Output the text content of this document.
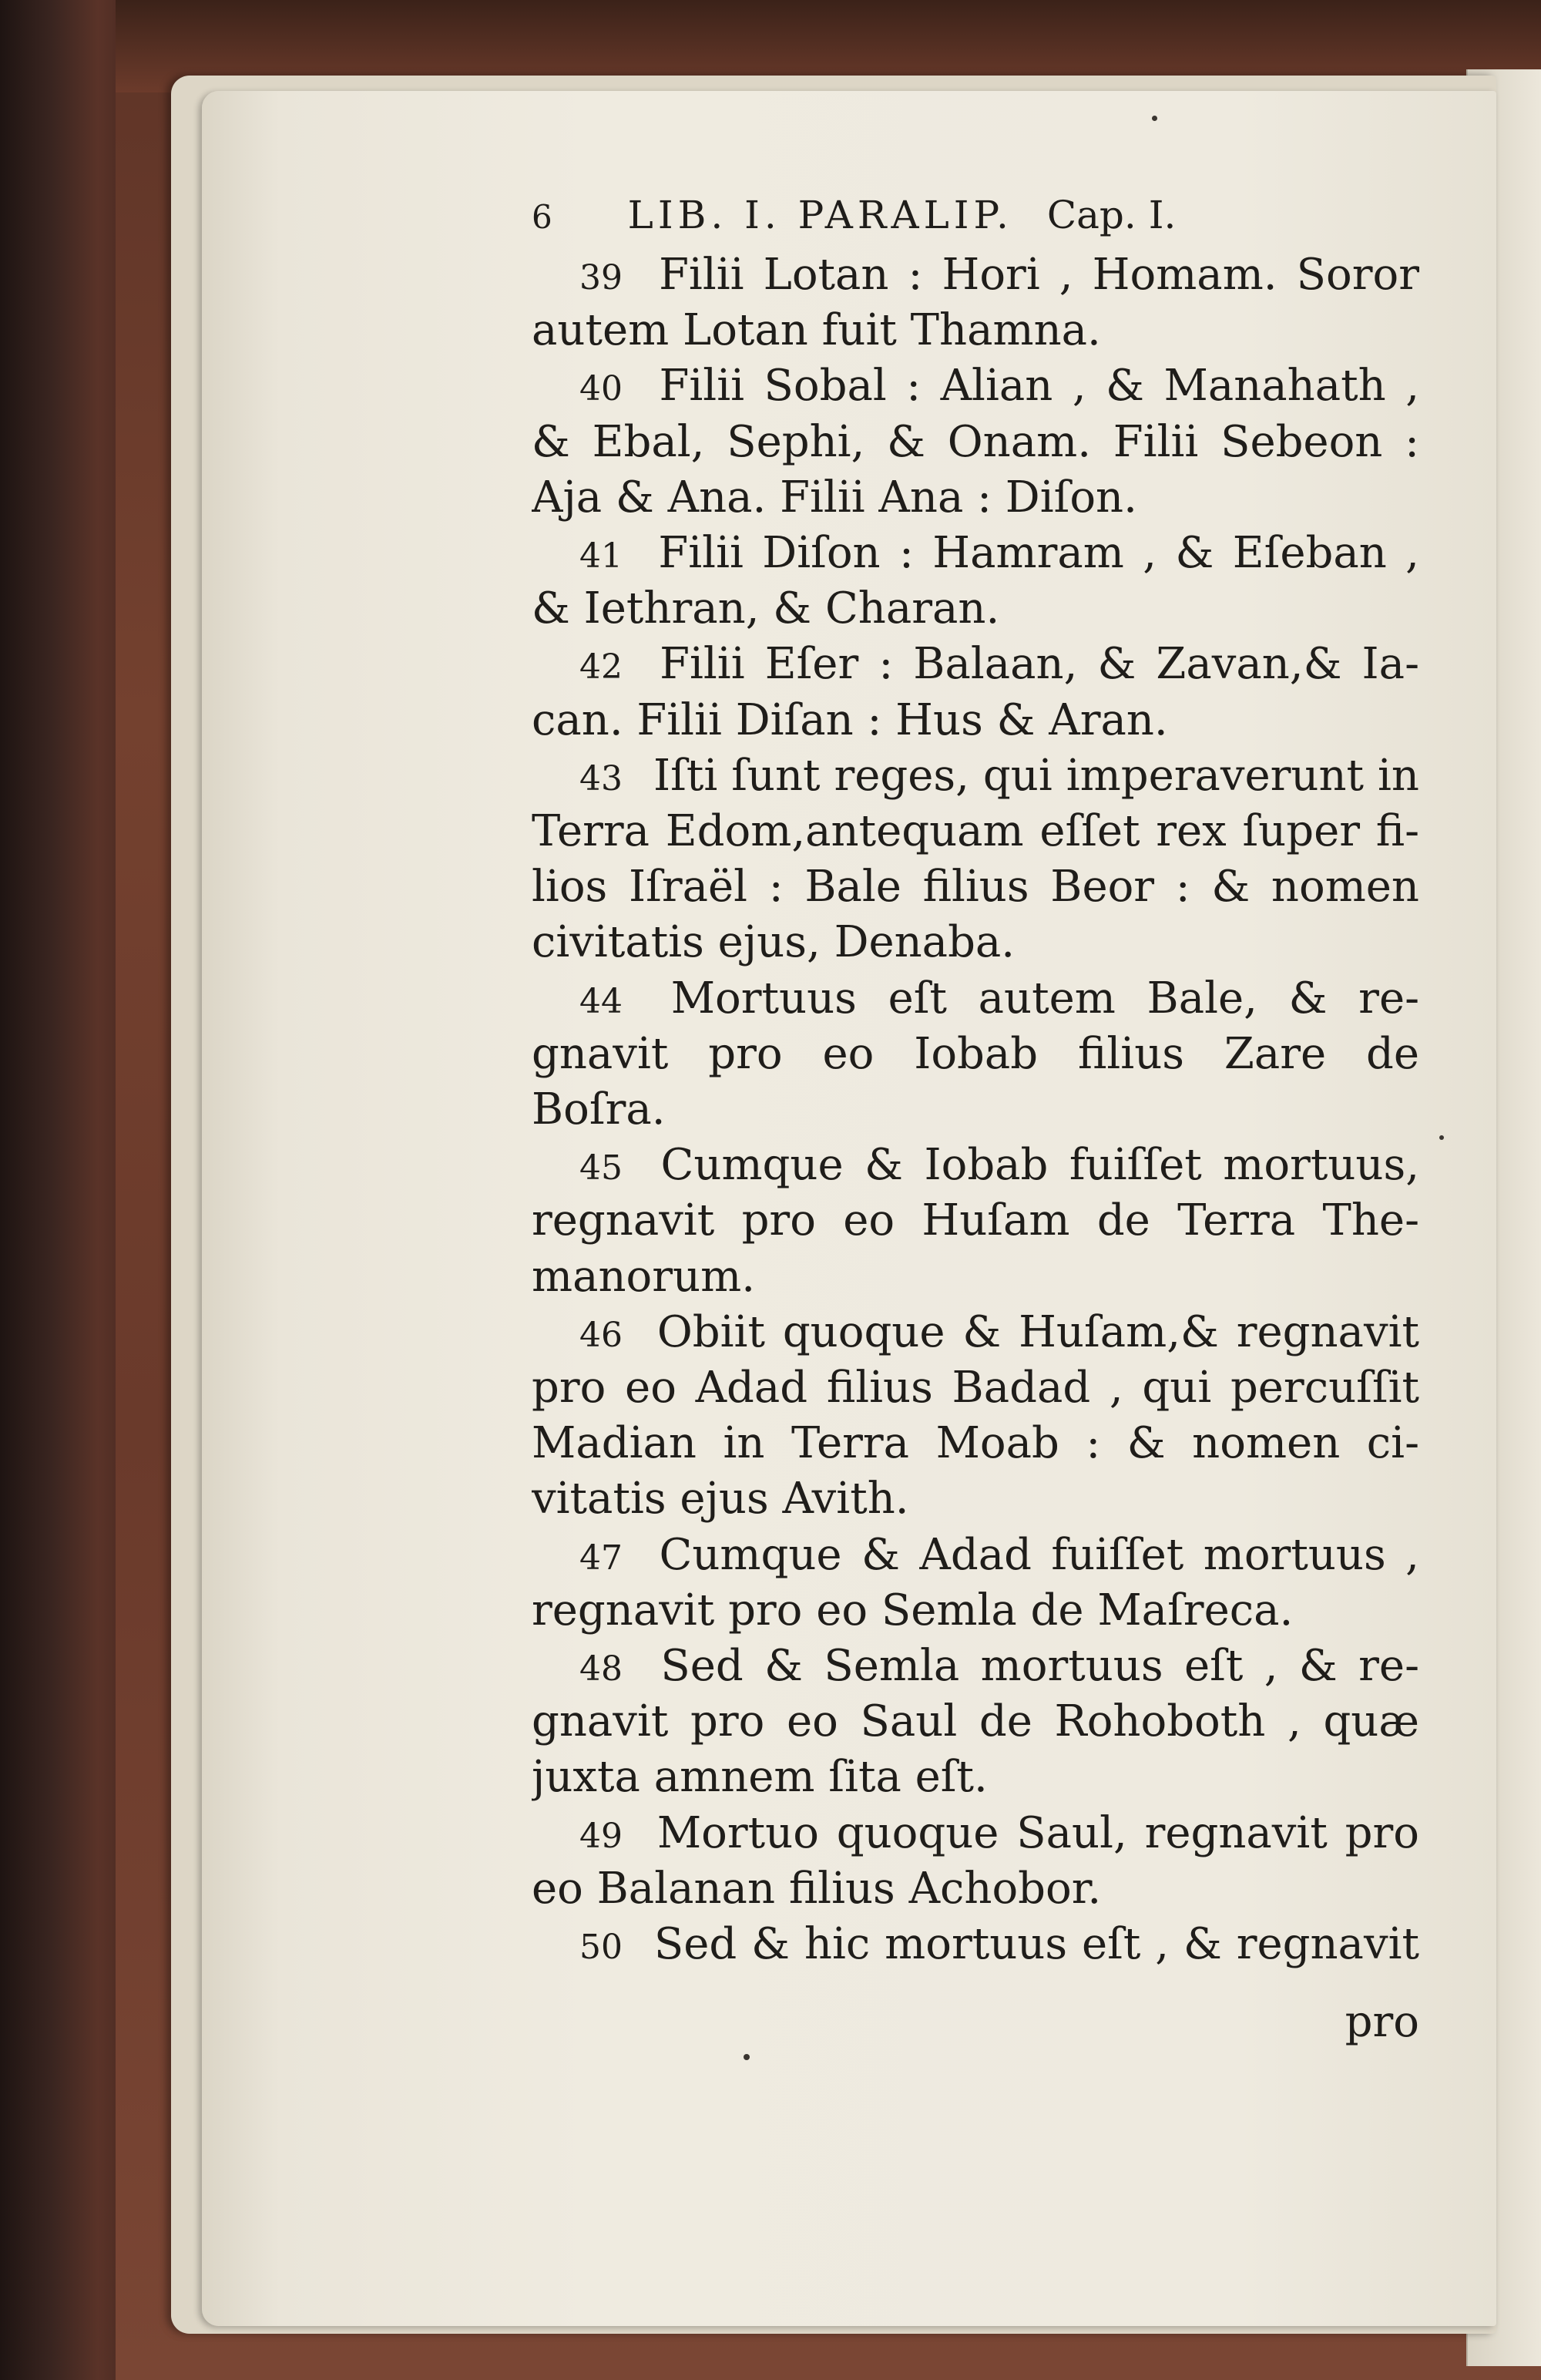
6 LIB. I. PARALIP. Cap. I.
39 Filii Lotan : Hori , Homam. Soror
autem Lotan fuit Thamna.
40 Filii Sobal : Alian , & Manahath ,
& Ebal, Sephi, & Onam. Filii Sebeon :
Aja & Ana. Filii Ana : Diſon.
41 Filii Diſon : Hamram , & Eſeban ,
& Iethran, & Charan.
42 Filii Eſer : Balaan, & Zavan,& Ia-
can. Filii Diſan : Hus & Aran.
43 Iſti ſunt reges, qui imperaverunt in
Terra Edom,antequam eſſet rex ſuper fi-
lios Iſraël : Bale filius Beor : & nomen
civitatis ejus, Denaba.
44 Mortuus eſt autem Bale, & re-
gnavit pro eo Iobab filius Zare de
Boſra.
45 Cumque & Iobab fuiſſet mortuus,
regnavit pro eo Huſam de Terra The-
manorum.
46 Obiit quoque & Huſam,& regnavit
pro eo Adad filius Badad , qui percuſſit
Madian in Terra Moab : & nomen ci-
vitatis ejus Avith.
47 Cumque & Adad fuiſſet mortuus ,
regnavit pro eo Semla de Maſreca.
48 Sed & Semla mortuus eſt , & re-
gnavit pro eo Saul de Rohoboth , quæ
juxta amnem ſita eſt.
49 Mortuo quoque Saul, regnavit pro
eo Balanan filius Achobor.
50 Sed & hic mortuus eſt , & regnavit
pro
